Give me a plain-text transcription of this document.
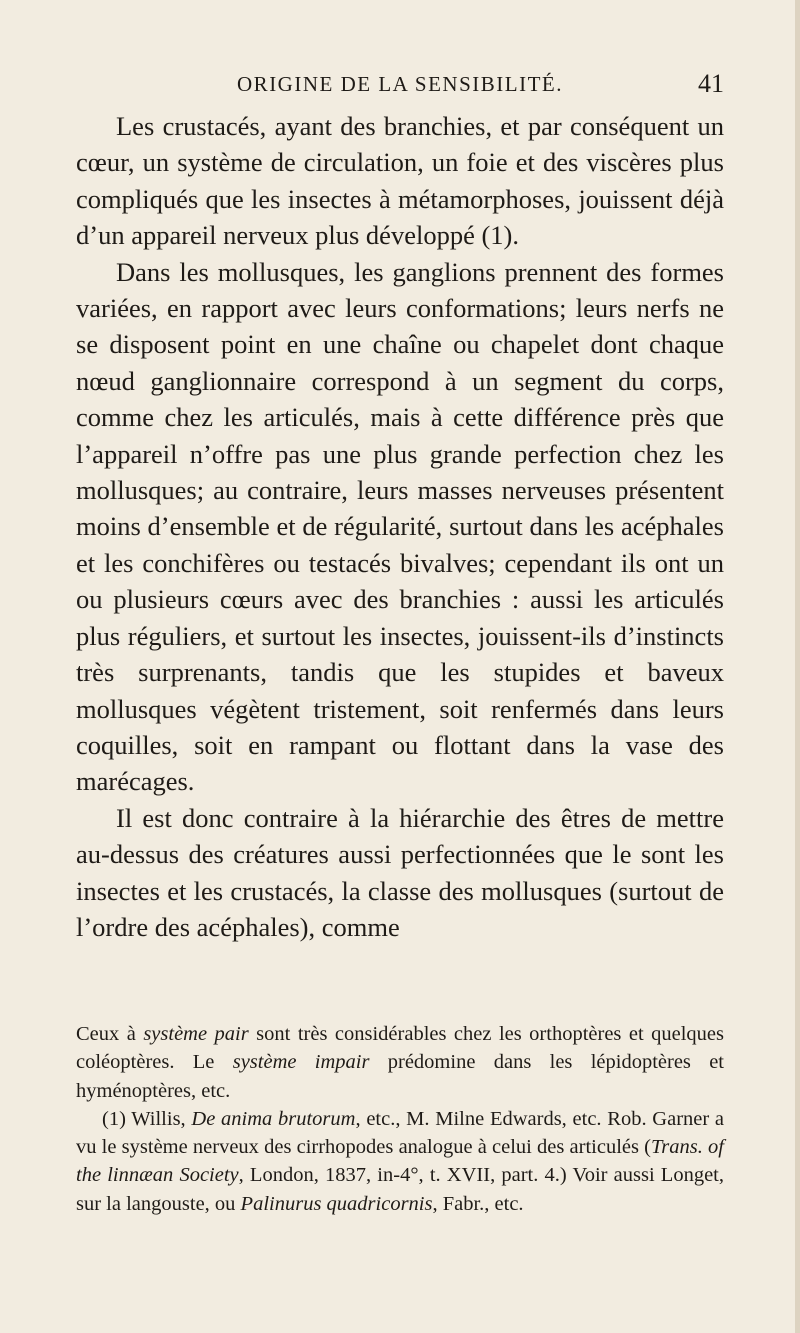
ORIGINE DE LA SENSIBILITÉ.	41

Les crustacés, ayant des branchies, et par conséquent un cœur, un système de circulation, un foie et des viscères plus compliqués que les insectes à métamorphoses, jouissent déjà d’un appareil nerveux plus développé (1).

Dans les mollusques, les ganglions prennent des formes variées, en rapport avec leurs conformations; leurs nerfs ne se disposent point en une chaîne ou chapelet dont chaque nœud ganglionnaire correspond à un segment du corps, comme chez les articulés, mais à cette différence près que l’appareil n’offre pas une plus grande perfection chez les mollusques; au contraire, leurs masses nerveuses présentent moins d’ensemble et de régularité, surtout dans les acéphales et les conchifères ou testacés bivalves; cependant ils ont un ou plusieurs cœurs avec des branchies : aussi les articulés plus réguliers, et surtout les insectes, jouissent-ils d’instincts très surprenants, tandis que les stupides et baveux mollusques végètent tristement, soit renfermés dans leurs coquilles, soit en rampant ou flottant dans la vase des marécages.

Il est donc contraire à la hiérarchie des êtres de mettre au-dessus des créatures aussi perfectionnées que le sont les insectes et les crustacés, la classe des mollusques (surtout de l’ordre des acéphales), comme

Ceux à système pair sont très considérables chez les orthoptères et quelques coléoptères. Le système impair prédomine dans les lépidoptères et hyménoptères, etc.

(1) Willis, De anima brutorum, etc., M. Milne Edwards, etc. Rob. Garner a vu le système nerveux des cirrhopodes analogue à celui des articulés (Trans. of the linnæan Society, London, 1837, in-4°, t. XVII, part. 4.) Voir aussi Longet, sur la langouste, ou Palinurus quadricornis, Fabr., etc.
